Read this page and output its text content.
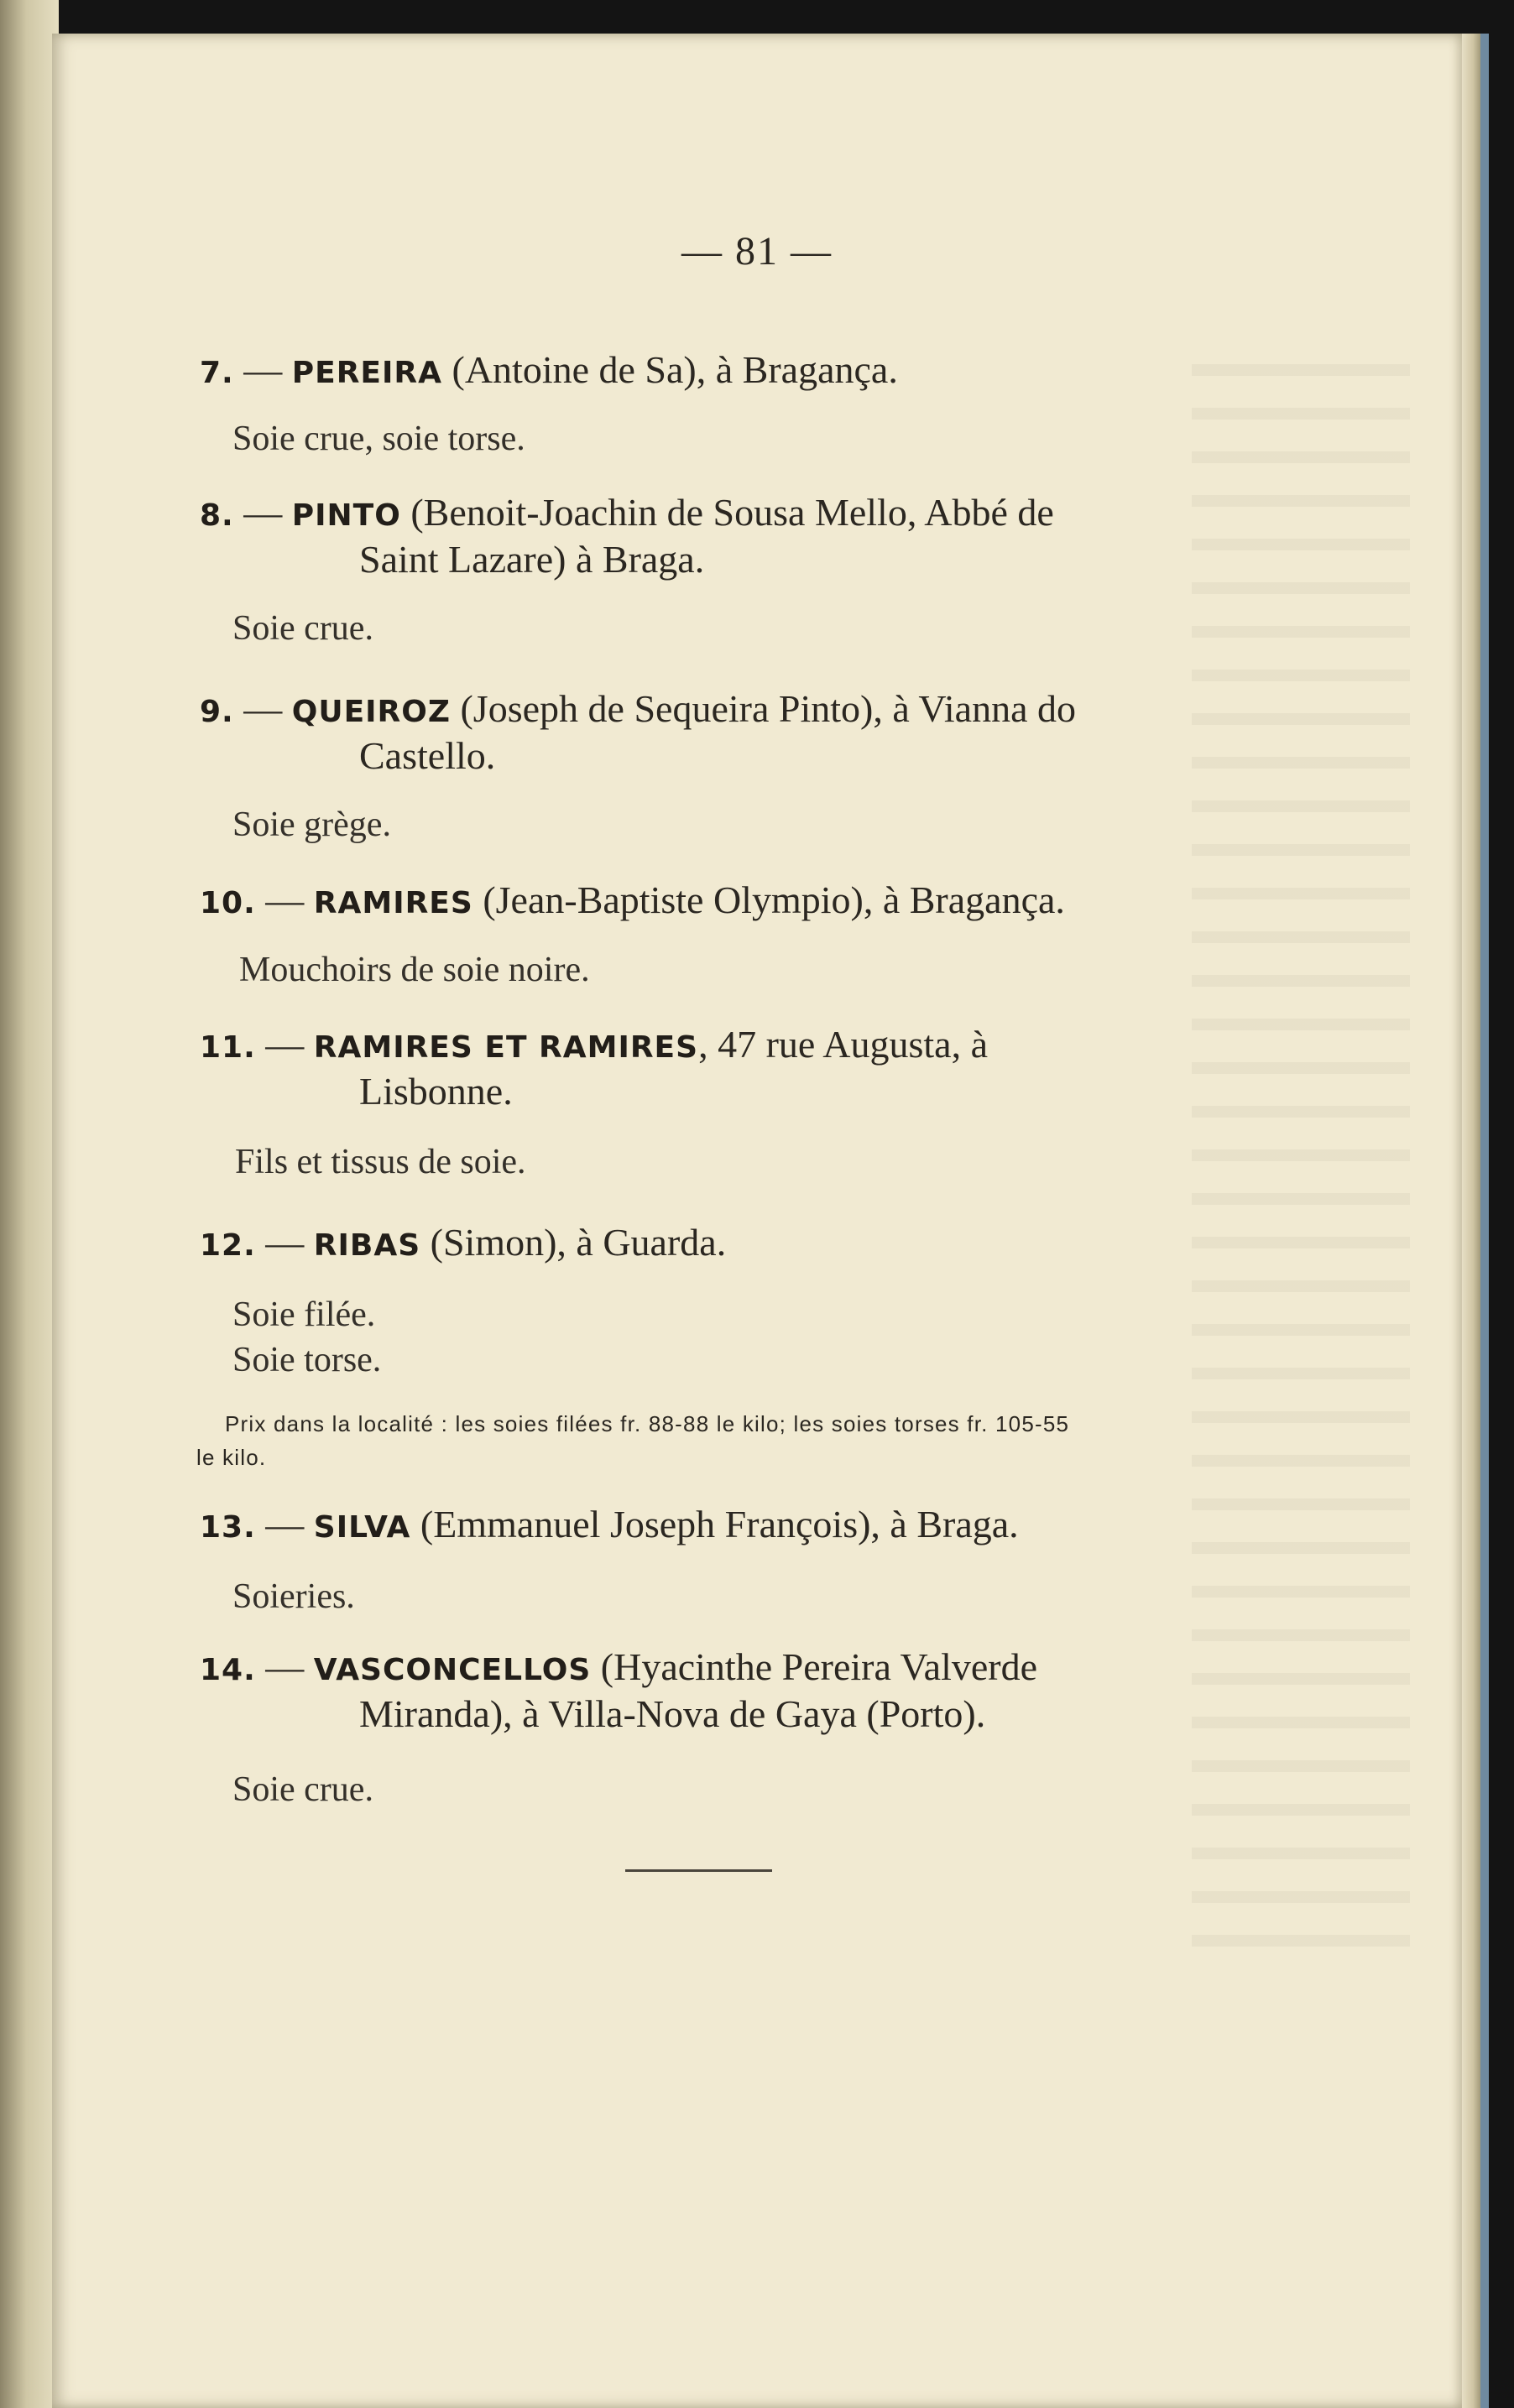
— 81 —
7. — PEREIRA (Antoine de Sa), à Bragança.
Soie crue, soie torse.
8. — PINTO (Benoit-Joachin de Sousa Mello, Abbé de
Saint Lazare) à Braga.
Soie crue.
9. — QUEIROZ (Joseph de Sequeira Pinto), à Vianna do
Castello.
Soie grège.
10. — RAMIRES (Jean-Baptiste Olympio), à Bragança.
Mouchoirs de soie noire.
11. — RAMIRES ET RAMIRES, 47 rue Augusta, à
Lisbonne.
Fils et tissus de soie.
12. — RIBAS (Simon), à Guarda.
Soie filée.
Soie torse.
Prix dans la localité : les soies filées fr. 88-88 le kilo; les soies torses fr. 105-55
le kilo.
13. — SILVA (Emmanuel Joseph François), à Braga.
Soieries.
14. — VASCONCELLOS (Hyacinthe Pereira Valverde
Miranda), à Villa-Nova de Gaya (Porto).
Soie crue.
